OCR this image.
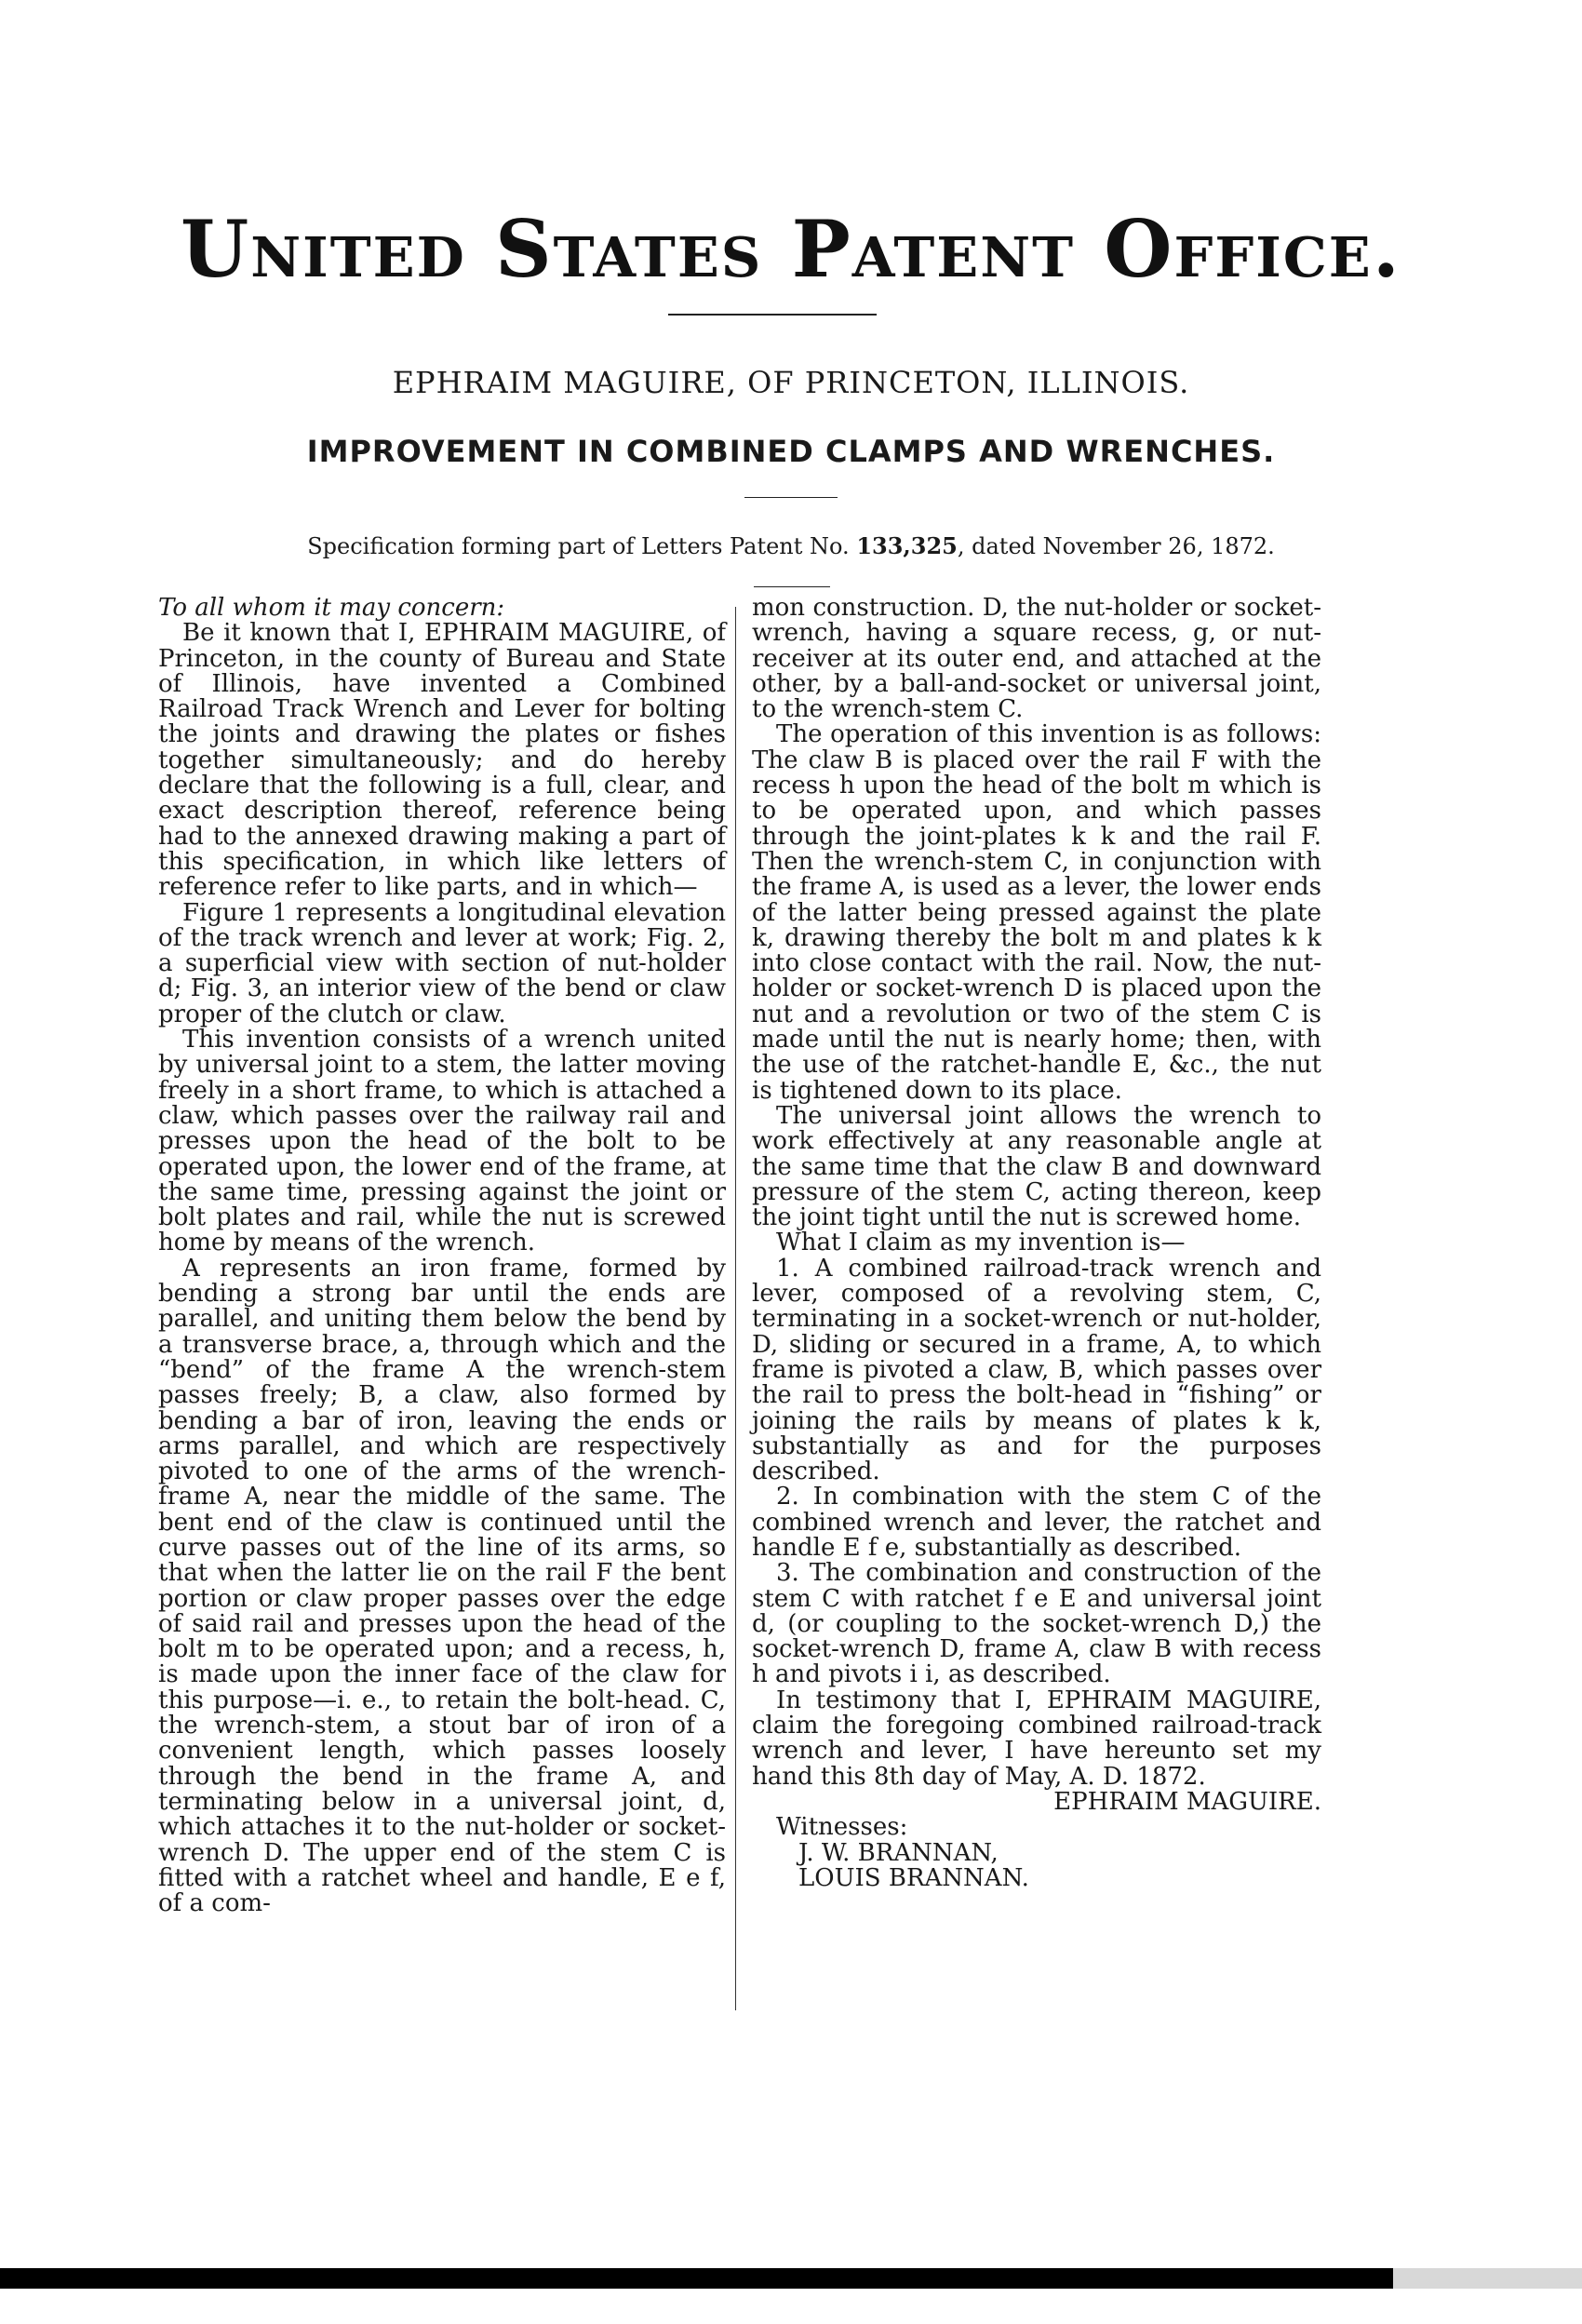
United States Patent Office.
EPHRAIM MAGUIRE, OF PRINCETON, ILLINOIS.
IMPROVEMENT IN COMBINED CLAMPS AND WRENCHES.
Specification forming part of Letters Patent No. 133,325, dated November 26, 1872.

To all whom it may concern:

Be it known that I, EPHRAIM MAGUIRE, of Princeton, in the county of Bureau and State of Illinois, have invented a Combined Railroad Track Wrench and Lever for bolting the joints and drawing the plates or fishes together simultaneously; and do hereby declare that the following is a full, clear, and exact description thereof, reference being had to the annexed drawing making a part of this specification, in which like letters of reference refer to like parts, and in which—

Figure 1 represents a longitudinal elevation of the track wrench and lever at work; Fig. 2, a superficial view with section of nut-holder d; Fig. 3, an interior view of the bend or claw proper of the clutch or claw.

This invention consists of a wrench united by universal joint to a stem, the latter moving freely in a short frame, to which is attached a claw, which passes over the railway rail and presses upon the head of the bolt to be operated upon, the lower end of the frame, at the same time, pressing against the joint or bolt plates and rail, while the nut is screwed home by means of the wrench.

A represents an iron frame, formed by bending a strong bar until the ends are parallel, and uniting them below the bend by a transverse brace, a, through which and the “bend” of the frame A the wrench-stem passes freely; B, a claw, also formed by bending a bar of iron, leaving the ends or arms parallel, and which are respectively pivoted to one of the arms of the wrench-frame A, near the middle of the same. The bent end of the claw is continued until the curve passes out of the line of its arms, so that when the latter lie on the rail F the bent portion or claw proper passes over the edge of said rail and presses upon the head of the bolt m to be operated upon; and a recess, h, is made upon the inner face of the claw for this purpose—i. e., to retain the bolt-head. C, the wrench-stem, a stout bar of iron of a convenient length, which passes loosely through the bend in the frame A, and terminating below in a universal joint, d, which attaches it to the nut-holder or socket-wrench D. The upper end of the stem C is fitted with a ratchet wheel and handle, E e f, of a com-

mon construction. D, the nut-holder or socket-wrench, having a square recess, g, or nut-receiver at its outer end, and attached at the other, by a ball-and-socket or universal joint, to the wrench-stem C.

The operation of this invention is as follows: The claw B is placed over the rail F with the recess h upon the head of the bolt m which is to be operated upon, and which passes through the joint-plates k k and the rail F. Then the wrench-stem C, in conjunction with the frame A, is used as a lever, the lower ends of the latter being pressed against the plate k, drawing thereby the bolt m and plates k k into close contact with the rail. Now, the nut-holder or socket-wrench D is placed upon the nut and a revolution or two of the stem C is made until the nut is nearly home; then, with the use of the ratchet-handle E, &c., the nut is tightened down to its place.

The universal joint allows the wrench to work effectively at any reasonable angle at the same time that the claw B and downward pressure of the stem C, acting thereon, keep the joint tight until the nut is screwed home.

What I claim as my invention is—

1. A combined railroad-track wrench and lever, composed of a revolving stem, C, terminating in a socket-wrench or nut-holder, D, sliding or secured in a frame, A, to which frame is pivoted a claw, B, which passes over the rail to press the bolt-head in “fishing” or joining the rails by means of plates k k, substantially as and for the purposes described.

2. In combination with the stem C of the combined wrench and lever, the ratchet and handle E f e, substantially as described.

3. The combination and construction of the stem C with ratchet f e E and universal joint d, (or coupling to the socket-wrench D,) the socket-wrench D, frame A, claw B with recess h and pivots i i, as described.

In testimony that I, EPHRAIM MAGUIRE, claim the foregoing combined railroad-track wrench and lever, I have hereunto set my hand this 8th day of May, A. D. 1872.

EPHRAIM MAGUIRE.

Witnesses:

J. W. BRANNAN,

LOUIS BRANNAN.
